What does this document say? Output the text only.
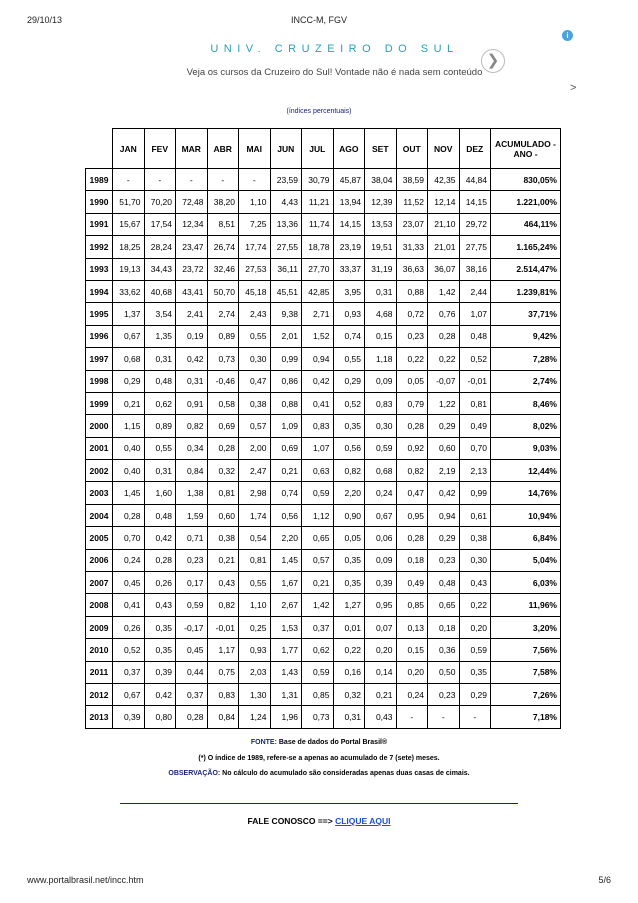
29/10/13	INCC-M, FGV
UNIV. CRUZEIRO DO SUL
Veja os cursos da Cruzeiro do Sul! Vontade não é nada sem conteúdo
❯
i
>
(índices percentuais)
	JAN	FEV	MAR	ABR	MAI	JUN	JUL	AGO	SET	OUT	NOV	DEZ	ACUMULADO - ANO -
1989	-	-	-	-	-	23,59	30,79	45,87	38,04	38,59	42,35	44,84	830,05%
1990	51,70	70,20	72,48	38,20	1,10	4,43	11,21	13,94	12,39	11,52	12,14	14,15	1.221,00%
1991	15,67	17,54	12,34	8,51	7,25	13,36	11,74	14,15	13,53	23,07	21,10	29,72	464,11%
1992	18,25	28,24	23,47	26,74	17,74	27,55	18,78	23,19	19,51	31,33	21,01	27,75	1.165,24%
1993	19,13	34,43	23,72	32,46	27,53	36,11	27,70	33,37	31,19	36,63	36,07	38,16	2.514,47%
1994	33,62	40,68	43,41	50,70	45,18	45,51	42,85	3,95	0,31	0,88	1,42	2,44	1.239,81%
1995	1,37	3,54	2,41	2,74	2,43	9,38	2,71	0,93	4,68	0,72	0,76	1,07	37,71%
1996	0,67	1,35	0,19	0,89	0,55	2,01	1,52	0,74	0,15	0,23	0,28	0,48	9,42%
1997	0,68	0,31	0,42	0,73	0,30	0,99	0,94	0,55	1,18	0,22	0,22	0,52	7,28%
1998	0,29	0,48	0,31	-0,46	0,47	0,86	0,42	0,29	0,09	0,05	-0,07	-0,01	2,74%
1999	0,21	0,62	0,91	0,58	0,38	0,88	0,41	0,52	0,83	0,79	1,22	0,81	8,46%
2000	1,15	0,89	0,82	0,69	0,57	1,09	0,83	0,35	0,30	0,28	0,29	0,49	8,02%
2001	0,40	0,55	0,34	0,28	2,00	0,69	1,07	0,56	0,59	0,92	0,60	0,70	9,03%
2002	0,40	0,31	0,84	0,32	2,47	0,21	0,63	0,82	0,68	0,82	2,19	2,13	12,44%
2003	1,45	1,60	1,38	0,81	2,98	0,74	0,59	2,20	0,24	0,47	0,42	0,99	14,76%
2004	0,28	0,48	1,59	0,60	1,74	0,56	1,12	0,90	0,67	0,95	0,94	0,61	10,94%
2005	0,70	0,42	0,71	0,38	0,54	2,20	0,65	0,05	0,06	0,28	0,29	0,38	6,84%
2006	0,24	0,28	0,23	0,21	0,81	1,45	0,57	0,35	0,09	0,18	0,23	0,30	5,04%
2007	0,45	0,26	0,17	0,43	0,55	1,67	0,21	0,35	0,39	0,49	0,48	0,43	6,03%
2008	0,41	0,43	0,59	0,82	1,10	2,67	1,42	1,27	0,95	0,85	0,65	0,22	11,96%
2009	0,26	0,35	-0,17	-0,01	0,25	1,53	0,37	0,01	0,07	0,13	0,18	0,20	3,20%
2010	0,52	0,35	0,45	1,17	0,93	1,77	0,62	0,22	0,20	0,15	0,36	0,59	7,56%
2011	0,37	0,39	0,44	0,75	2,03	1,43	0,59	0,16	0,14	0,20	0,50	0,35	7,58%
2012	0,67	0,42	0,37	0,83	1,30	1,31	0,85	0,32	0,21	0,24	0,23	0,29	7,26%
2013	0,39	0,80	0,28	0,84	1,24	1,96	0,73	0,31	0,43	-	-	-	7,18%
FONTE: Base de dados do Portal Brasil®
(*) O índice de 1989, refere-se a apenas ao acumulado de 7 (sete) meses.
OBSERVAÇÃO: No cálculo do acumulado são consideradas apenas duas casas de cimais.
FALE CONOSCO ==> CLIQUE AQUI
www.portalbrasil.net/incc.htm	5/6
